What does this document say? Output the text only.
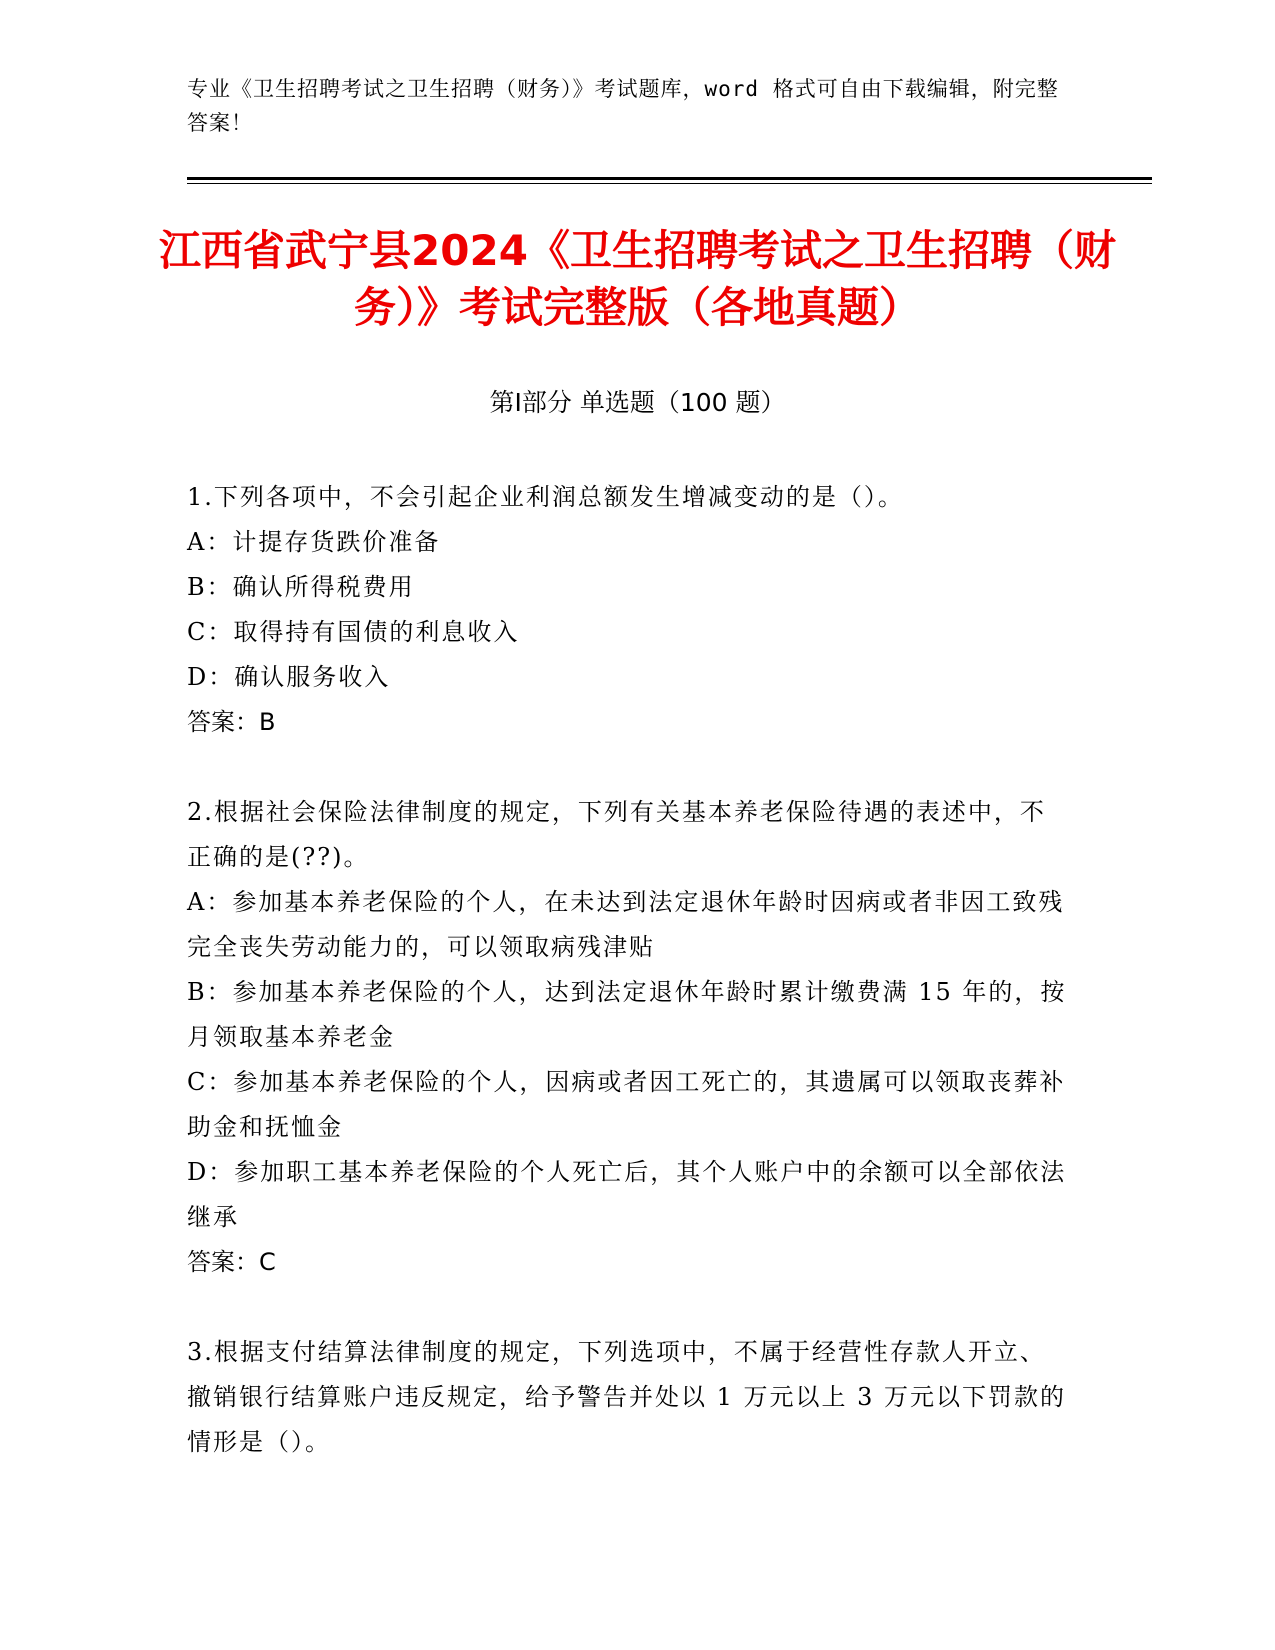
专业《卫生招聘考试之卫生招聘（财务）》考试题库，word 格式可自由下载编辑，附完整答案！
江西省武宁县2024《卫生招聘考试之卫生招聘（财务）》考试完整版（各地真题）
第Ⅰ部分 单选题（100 题）

1.下列各项中，不会引起企业利润总额发生增减变动的是（）。

A：计提存货跌价准备

B：确认所得税费用

C：取得持有国债的利息收入

D：确认服务收入

答案：B

2.根据社会保险法律制度的规定，下列有关基本养老保险待遇的表述中，不正确的是(??)。

A：参加基本养老保险的个人，在未达到法定退休年龄时因病或者非因工致残完全丧失劳动能力的，可以领取病残津贴

B：参加基本养老保险的个人，达到法定退休年龄时累计缴费满 15 年的，按月领取基本养老金

C：参加基本养老保险的个人，因病或者因工死亡的，其遗属可以领取丧葬补助金和抚恤金

D：参加职工基本养老保险的个人死亡后，其个人账户中的余额可以全部依法继承

答案：C

3.根据支付结算法律制度的规定，下列选项中，不属于经营性存款人开立、撤销银行结算账户违反规定，给予警告并处以 1 万元以上 3 万元以下罚款的情形是（）。
